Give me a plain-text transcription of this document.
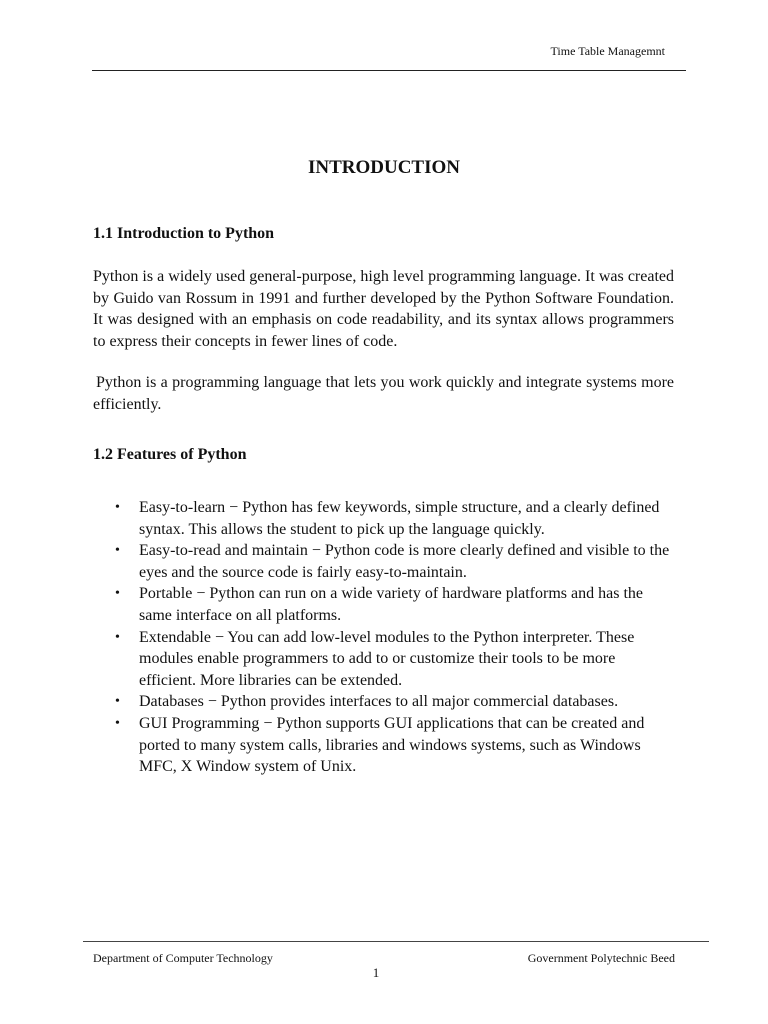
Time Table Managemnt
INTRODUCTION
1.1 Introduction to Python

Python is a widely used general-purpose, high level programming language. It was created by Guido van Rossum in 1991 and further developed by the Python Software Foundation. It was designed with an emphasis on code readability, and its syntax allows programmers to express their concepts in fewer lines of code.

Python is a programming language that lets you work quickly and integrate systems more efficiently.

1.2 Features of Python
• Easy-to-learn − Python has few keywords, simple structure, and a clearly defined syntax. This allows the student to pick up the language quickly.
• Easy-to-read and maintain − Python code is more clearly defined and visible to the eyes and the source code is fairly easy-to-maintain.
• Portable − Python can run on a wide variety of hardware platforms and has the same interface on all platforms.
• Extendable − You can add low-level modules to the Python interpreter. These modules enable programmers to add to or customize their tools to be more efficient. More libraries can be extended.
• Databases − Python provides interfaces to all major commercial databases.
• GUI Programming − Python supports GUI applications that can be created and ported to many system calls, libraries and windows systems, such as Windows MFC, X Window system of Unix.
Department of Computer Technology	Government Polytechnic Beed
1
